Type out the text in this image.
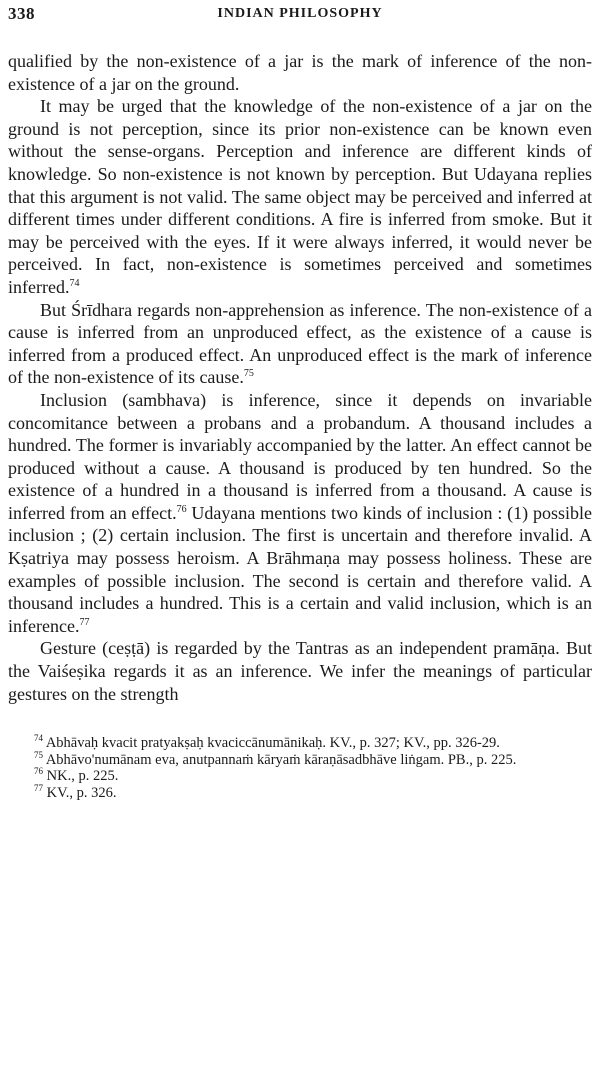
338	INDIAN PHILOSOPHY

qualified by the non-existence of a jar is the mark of inference of the non-existence of a jar on the ground.

It may be urged that the knowledge of the non-existence of a jar on the ground is not perception, since its prior non-existence can be known even without the sense-organs. Perception and inference are different kinds of knowledge. So non-existence is not known by perception. But Udayana replies that this argument is not valid. The same object may be perceived and inferred at different times under different conditions. A fire is inferred from smoke. But it may be perceived with the eyes. If it were always inferred, it would never be perceived. In fact, non-existence is sometimes perceived and sometimes inferred.$^{74}$

But Śrīdhara regards non-apprehension as inference. The non-existence of a cause is inferred from an unproduced effect, as the existence of a cause is inferred from a produced effect. An unproduced effect is the mark of inference of the non-existence of its cause.$^{75}$

Inclusion (sambhava) is inference, since it depends on invariable concomitance between a probans and a probandum. A thousand includes a hundred. The former is invariably accompanied by the latter. An effect cannot be produced without a cause. A thousand is produced by ten hundred. So the existence of a hundred in a thousand is inferred from a thousand. A cause is inferred from an effect.$^{76}$ Udayana mentions two kinds of inclusion : (1) possible inclusion ; (2) certain inclusion. The first is uncertain and therefore invalid. A Kṣatriya may possess heroism. A Brāhmaṇa may possess holiness. These are examples of possible inclusion. The second is certain and therefore valid. A thousand includes a hundred. This is a certain and valid inclusion, which is an inference.$^{77}$

Gesture (ceṣṭā) is regarded by the Tantras as an independent pramāṇa. But the Vaiśeṣika regards it as an inference. We infer the meanings of particular gestures on the strength

$^{74}$ Abhāvaḥ kvacit pratyakṣaḥ kvaciccānumānikaḥ. KV., p. 327; KV., pp. 326-29.

$^{75}$ Abhāvo'numānam eva, anutpannaṁ kāryaṁ kāraṇāsadbhāve liṅgam. PB., p. 225.

$^{76}$ NK., p. 225.

$^{77}$ KV., p. 326.
